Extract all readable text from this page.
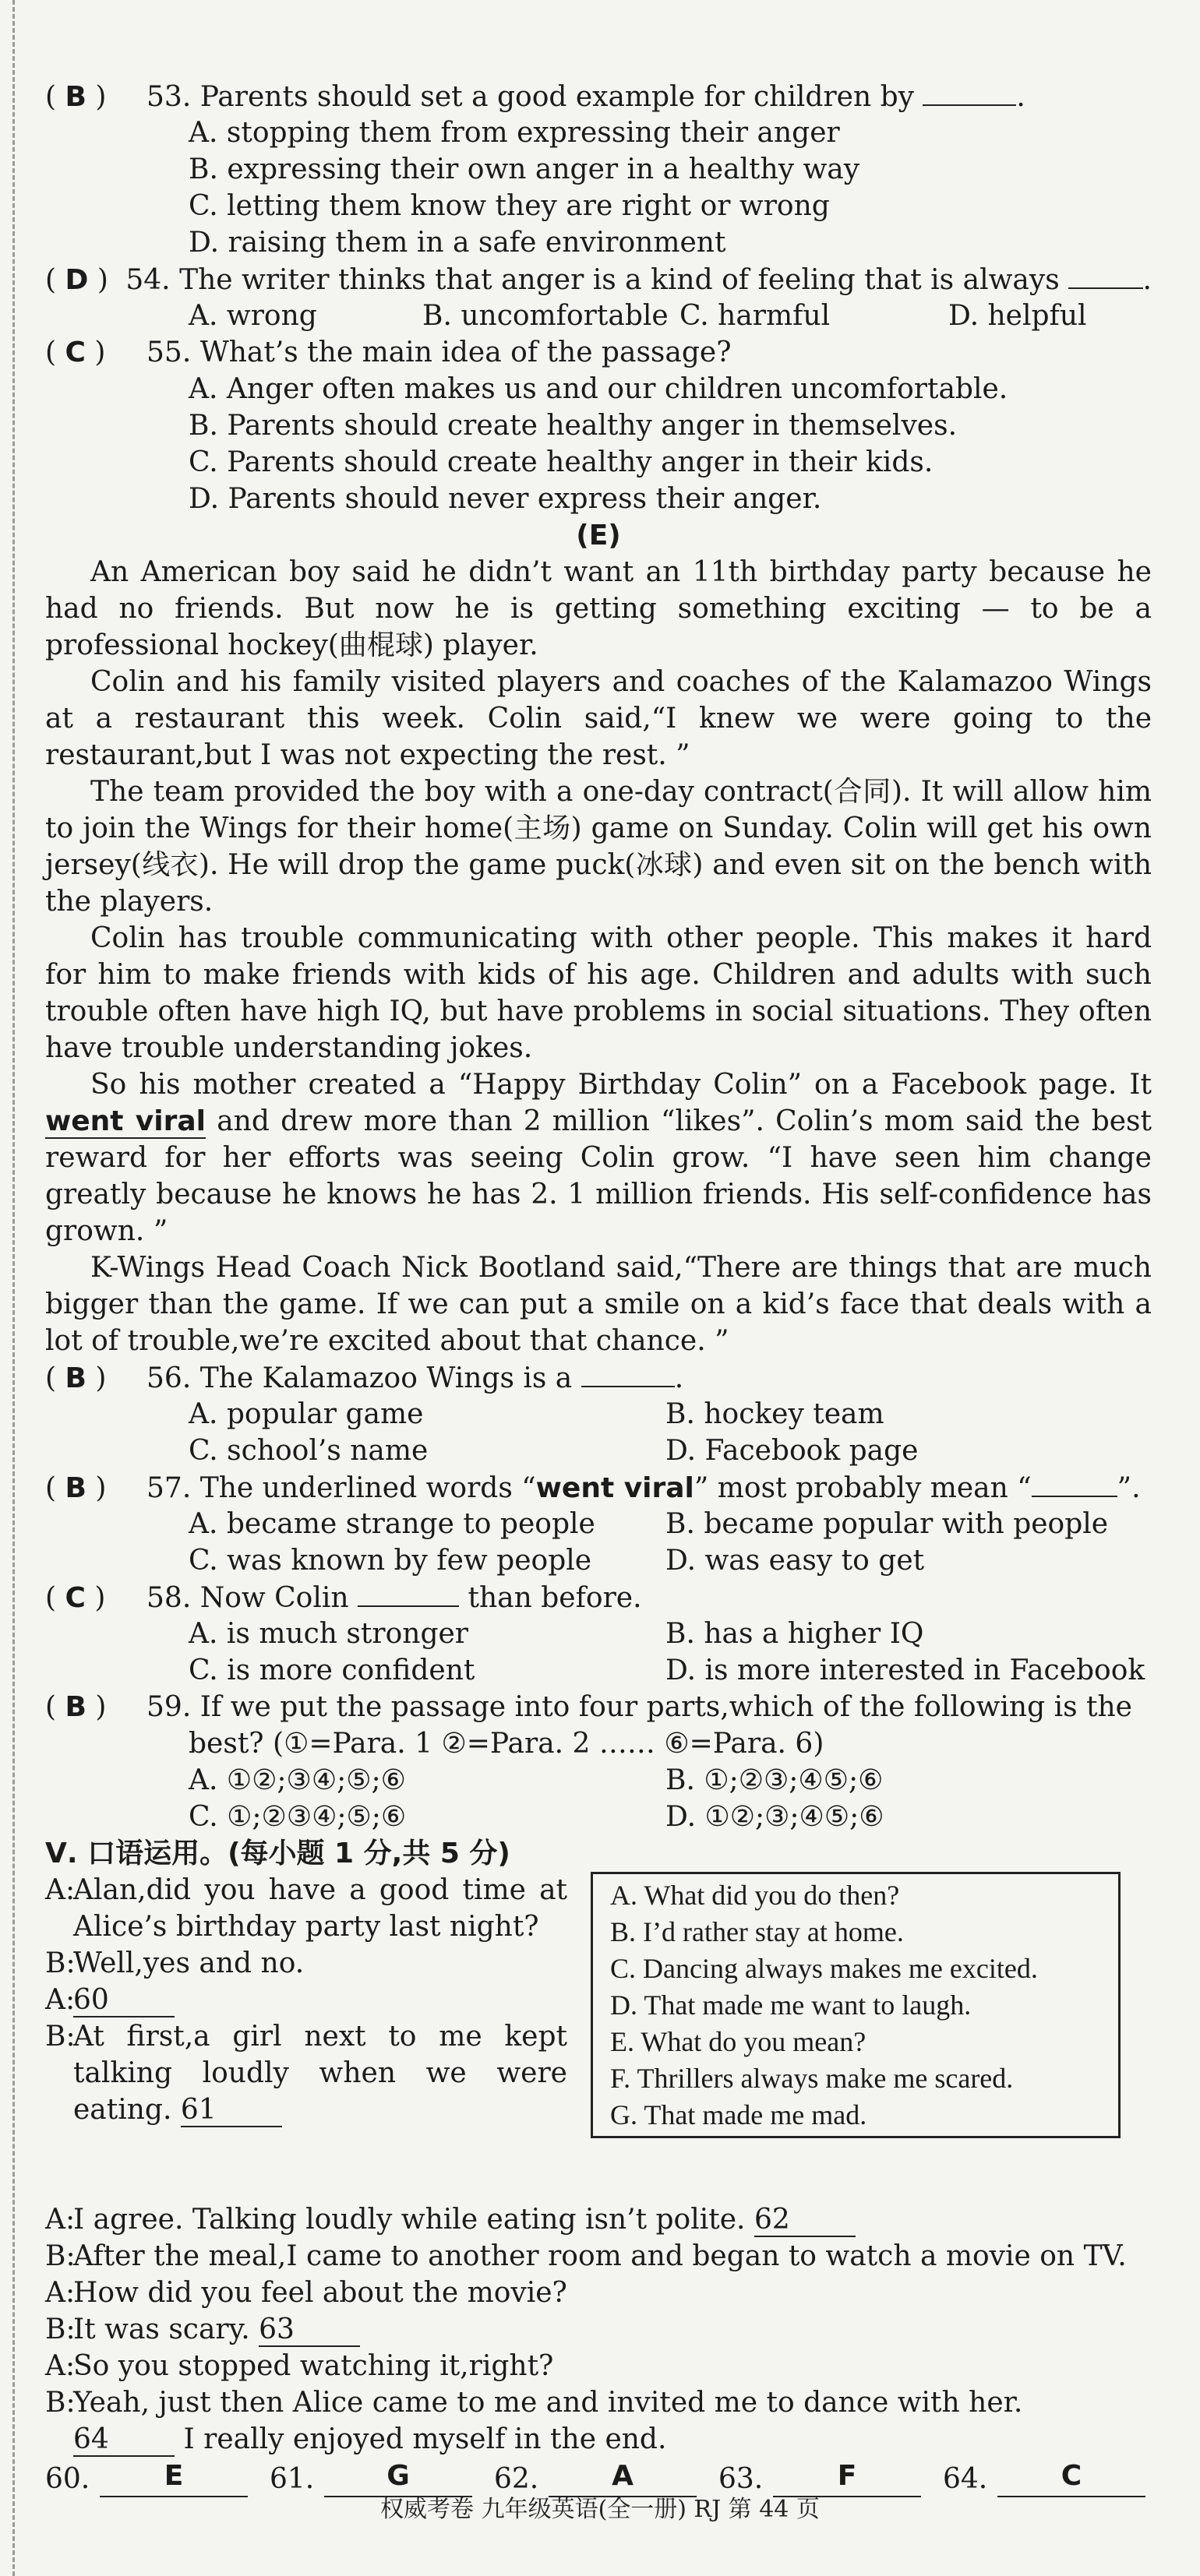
( B )	53 . Parents should set a good example for children by
	.
A. stopping them from expressing their anger
B. expressing their own anger in a healthy way
C. letting them know they are right or wrong
D. raising them in a safe environment
( D ) 54 . The writer thinks that anger is a kind of feeling that is always
	.
A. wrong	B. uncomfortable C. harmful	D. helpful
( C )	55 . What’s the main idea of the passage?
A. Anger often makes us and our children uncomfortable.
B. Parents should create healthy anger in themselves.
C. Parents should create healthy anger in their kids.
D. Parents should never express their anger.
(E)
An American boy said he didn’t want an 11th birthday party because he had no friends. But now he is getting something exciting — to be a professional hockey(曲棍球) player.
Colin and his family visited players and coaches of the Kalamazoo Wings at a restaurant this week. Colin said,“I knew we were going to the restaurant,but I was not expecting the rest. ”
The team provided the boy with a one-day contract(合同). It will allow him to join the Wings for their home(主场) game on Sunday. Colin will get his own jersey(线衣). He will drop the game puck(冰球) and even sit on the bench with the players.
Colin has trouble communicating with other people. This makes it hard for him to make friends with kids of his age. Children and adults with such trouble often have high IQ, but have problems in social situations. They often have trouble understanding jokes.
So his mother created a “Happy Birthday Colin” on a Facebook page. It went viral and drew more than 2 million “likes”. Colin’s mom said the best reward for her efforts was seeing Colin grow. “I have seen him change greatly because he knows he has 2. 1 million friends. His self-confidence has grown. ”
K-Wings Head Coach Nick Bootland said,“There are things that are much bigger than the game. If we can put a smile on a kid’s face that deals with a lot of trouble,we’re excited about that chance. ”
( B )	56 . The Kalamazoo Wings is a
	.
A. popular game	B. hockey team
C. school’s name	D. Facebook page
( B )	57 . The underlined words “ went viral ” most probably mean “	”.
A. became strange to people	B. became popular with people
C. was known by few people	D. was easy to get
( C )	58 . Now Colin

	than before.
A. is much stronger	B. has a higher IQ
C. is more confident	D. is more interested in Facebook
( B )	59 . If we put the passage into four parts,which of the following is the
best? (①=Para. 1 ②=Para. 2 …… ⑥=Para. 6)
A. ①②;③④;⑤;⑥	B. ①;②③;④⑤;⑥
C. ①;②③④;⑤;⑥	D. ①②;③;④⑤;⑥
Ⅴ. 口语运用。(每小题 1 分,共 5 分)
A:
Alan,did you have a good time at Alice’s birthday party last night?
B:
Well,yes and no.
A:
60
B:
At first,a girl next to me kept talking loudly when we were eating. 61
A. What did you do then?
B. I’d rather stay at home.
C. Dancing always makes me excited.
D. That made me want to laugh.
E. What do you mean?
F. Thrillers always make me scared.
G. That made me mad.
A:
I agree. Talking loudly while eating isn’t polite. 62
B:
After the meal,I came to another room and began to watch a movie on TV.
A:
How did you feel about the movie?
B:
It was scary. 63
A:
So you stopped watching it,right?
B:
Yeah, just then Alice came to me and invited me to dance with her.
64	I really enjoyed myself in the end.
60.	E	61.	G	62.	A	63.	F	64.	C
权威考卷 九年级英语(全一册) RJ 第 44 页
